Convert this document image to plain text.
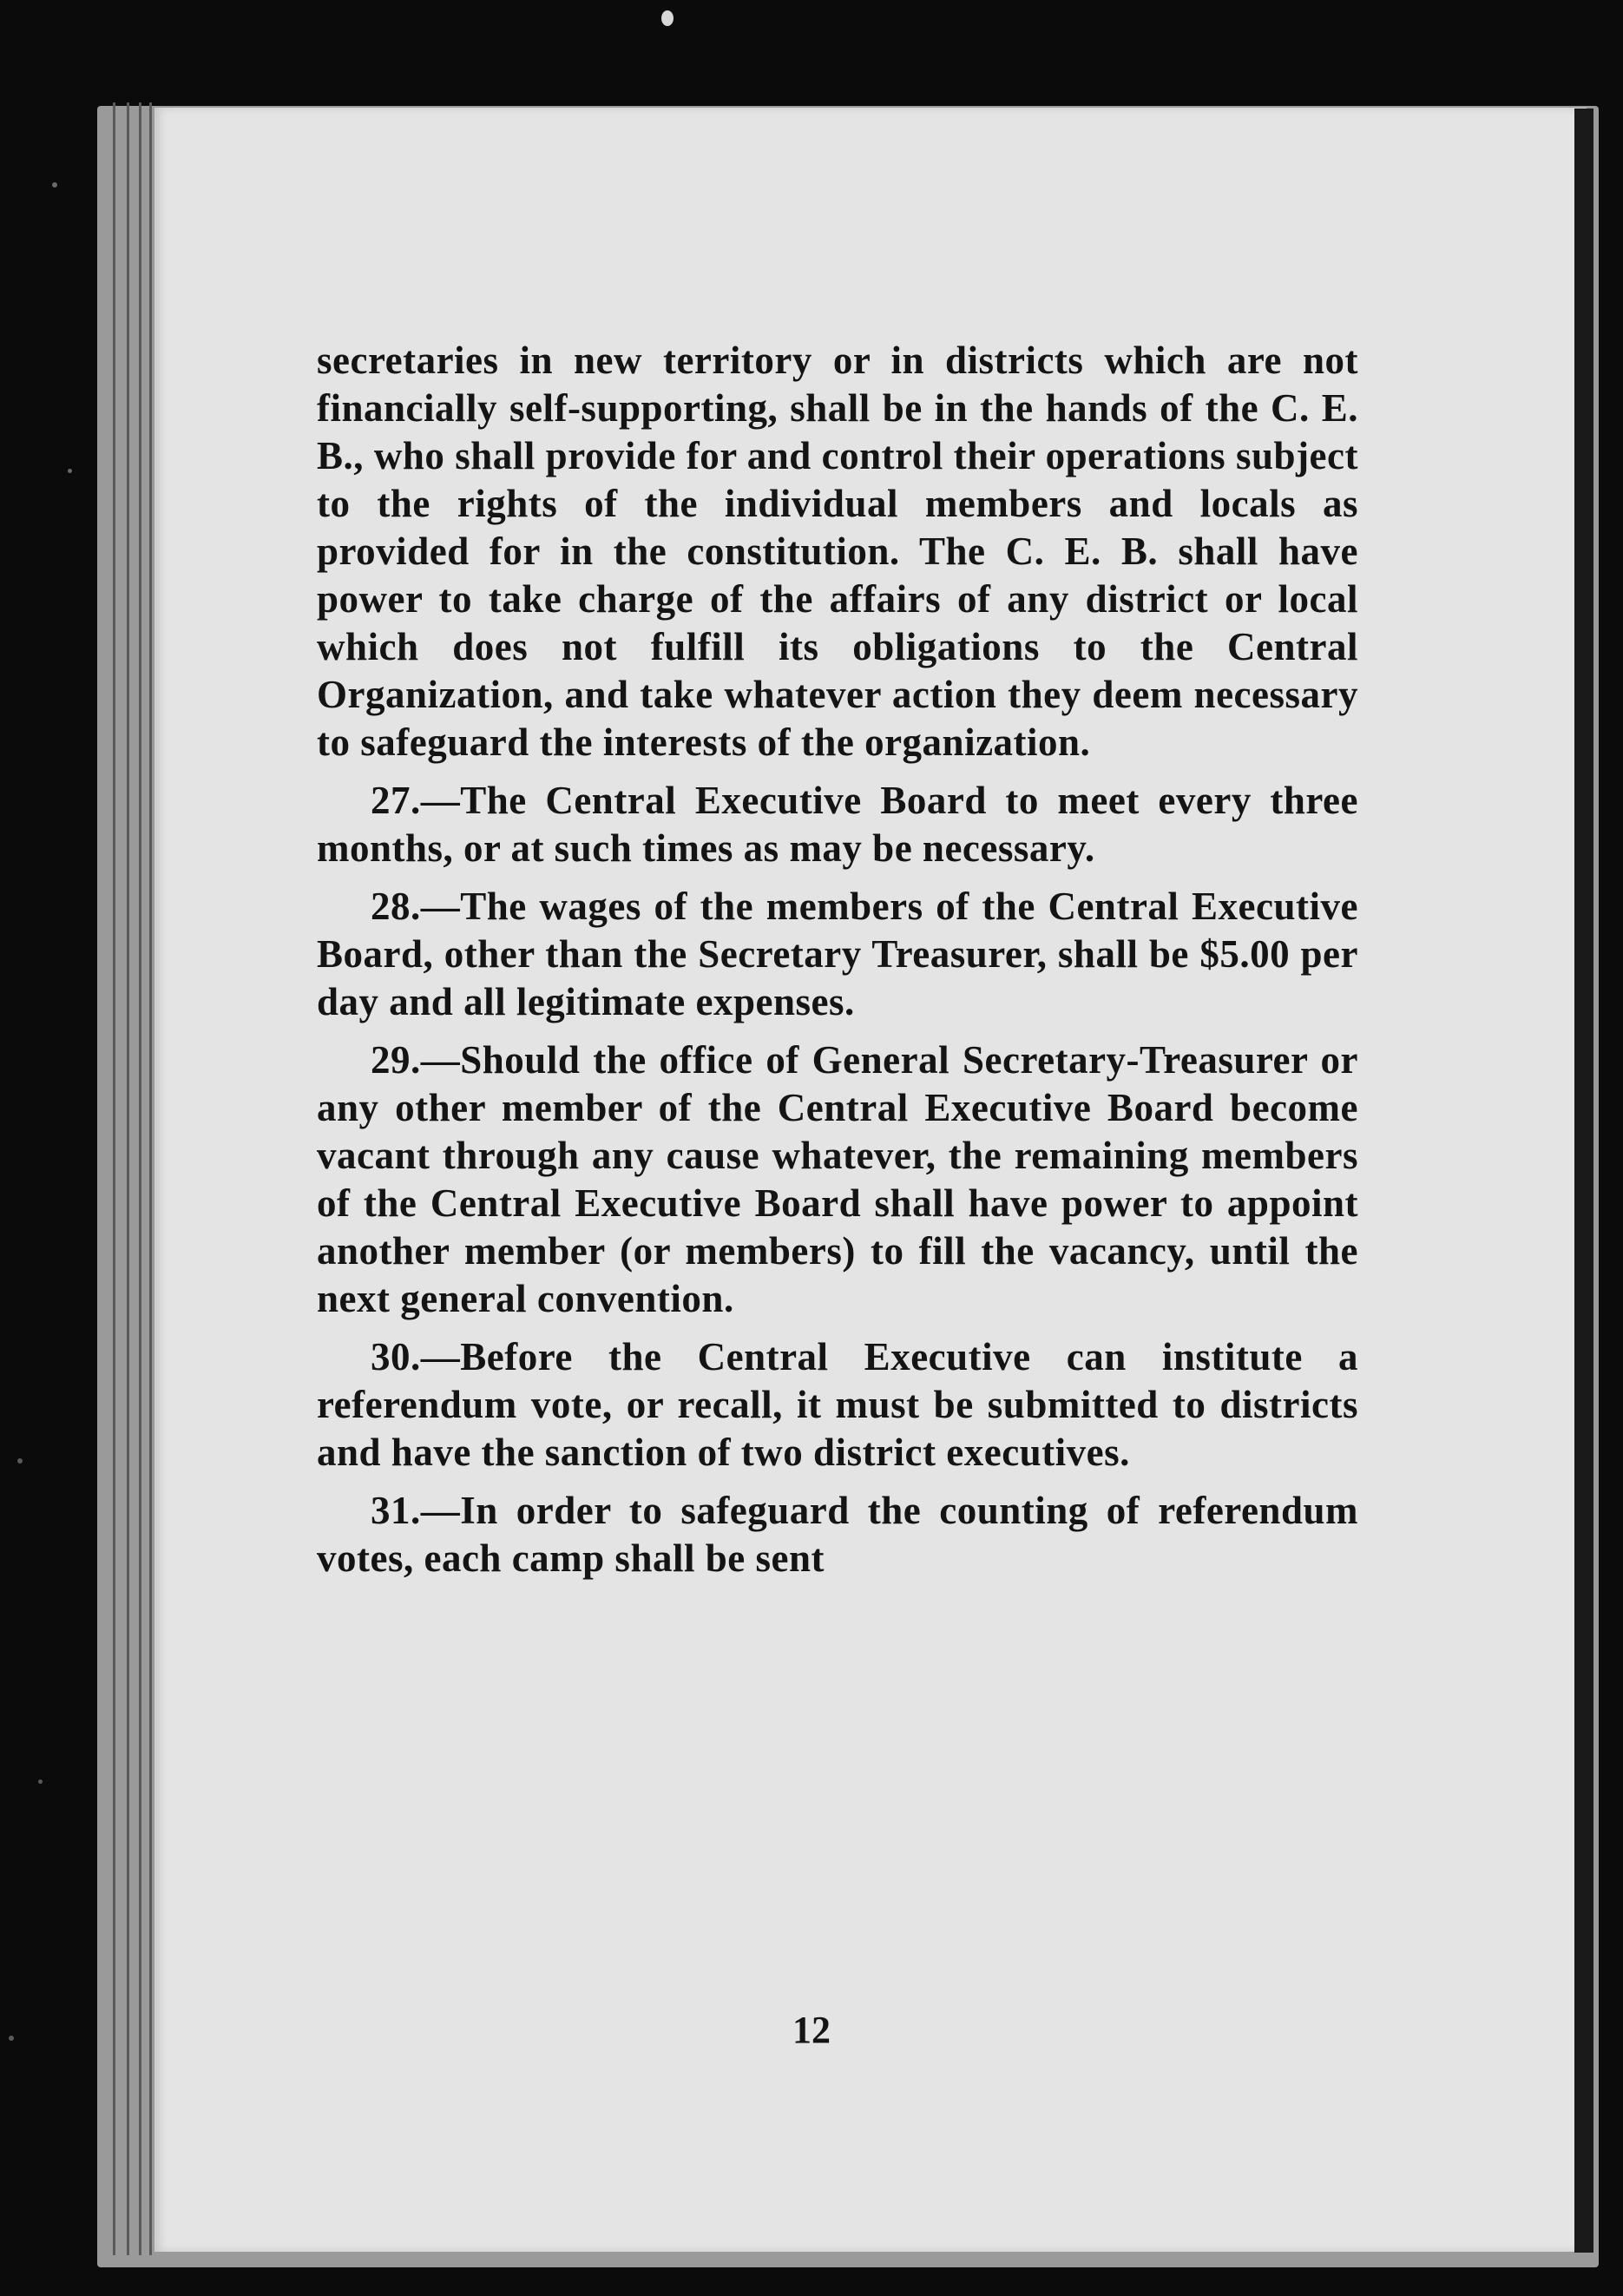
secretaries in new territory or in districts which are not financially self-supporting, shall be in the hands of the C. E. B., who shall provide for and control their operations subject to the rights of the individual members and locals as provided for in the constitution. The C. E. B. shall have power to take charge of the affairs of any district or local which does not fulfill its obligations to the Central Organization, and take whatever action they deem necessary to safeguard the interests of the organization.

27.—The Central Executive Board to meet every three months, or at such times as may be necessary.

28.—The wages of the members of the Central Executive Board, other than the Secretary Treasurer, shall be $5.00 per day and all legitimate expenses.

29.—Should the office of General Secretary-Treasurer or any other member of the Central Executive Board become vacant through any cause whatever, the remaining members of the Central Executive Board shall have power to appoint another member (or members) to fill the vacancy, until the next general convention.

30.—Before the Central Executive can institute a referendum vote, or recall, it must be submitted to districts and have the sanction of two district executives.

31.—In order to safeguard the counting of referendum votes, each camp shall be sent

12
